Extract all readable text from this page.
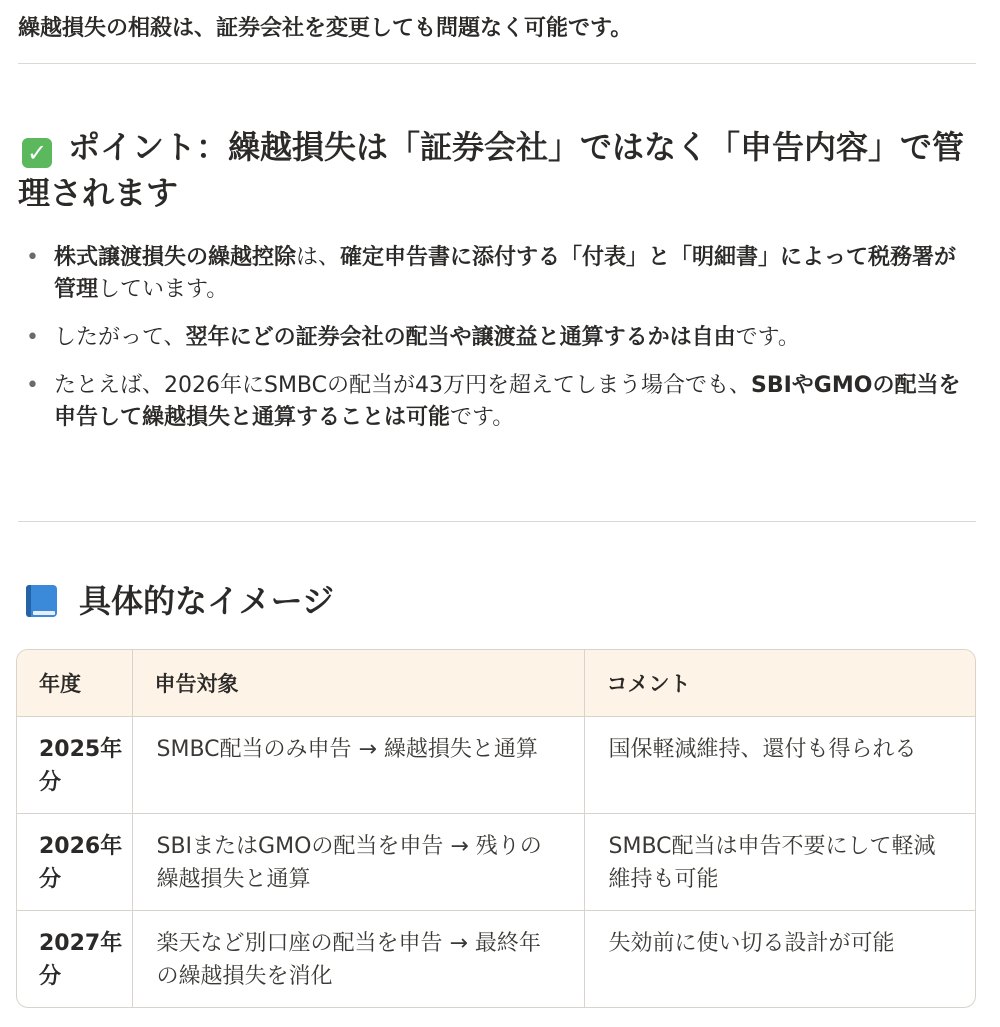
繰越損失の相殺は、証券会社を変更しても問題なく可能です。

✓ ポイント：繰越損失は「証券会社」ではなく「申告内容」で管理されます
• 株式譲渡損失の繰越控除は、確定申告書に添付する「付表」と「明細書」によって税務署が管理しています。
• したがって、翌年にどの証券会社の配当や譲渡益と通算するかは自由です。
• たとえば、2026年にSMBCの配当が43万円を超えてしまう場合でも、SBIやGMOの配当を申告して繰越損失と通算することは可能です。
具体的なイメージ
年度	申告対象	コメント
2025年分	SMBC配当のみ申告 → 繰越損失と通算	国保軽減維持、還付も得られる
2026年分	SBIまたはGMOの配当を申告 → 残りの繰越損失と通算	SMBC配当は申告不要にして軽減維持も可能
2027年分	楽天など別口座の配当を申告 → 最終年の繰越損失を消化	失効前に使い切る設計が可能
